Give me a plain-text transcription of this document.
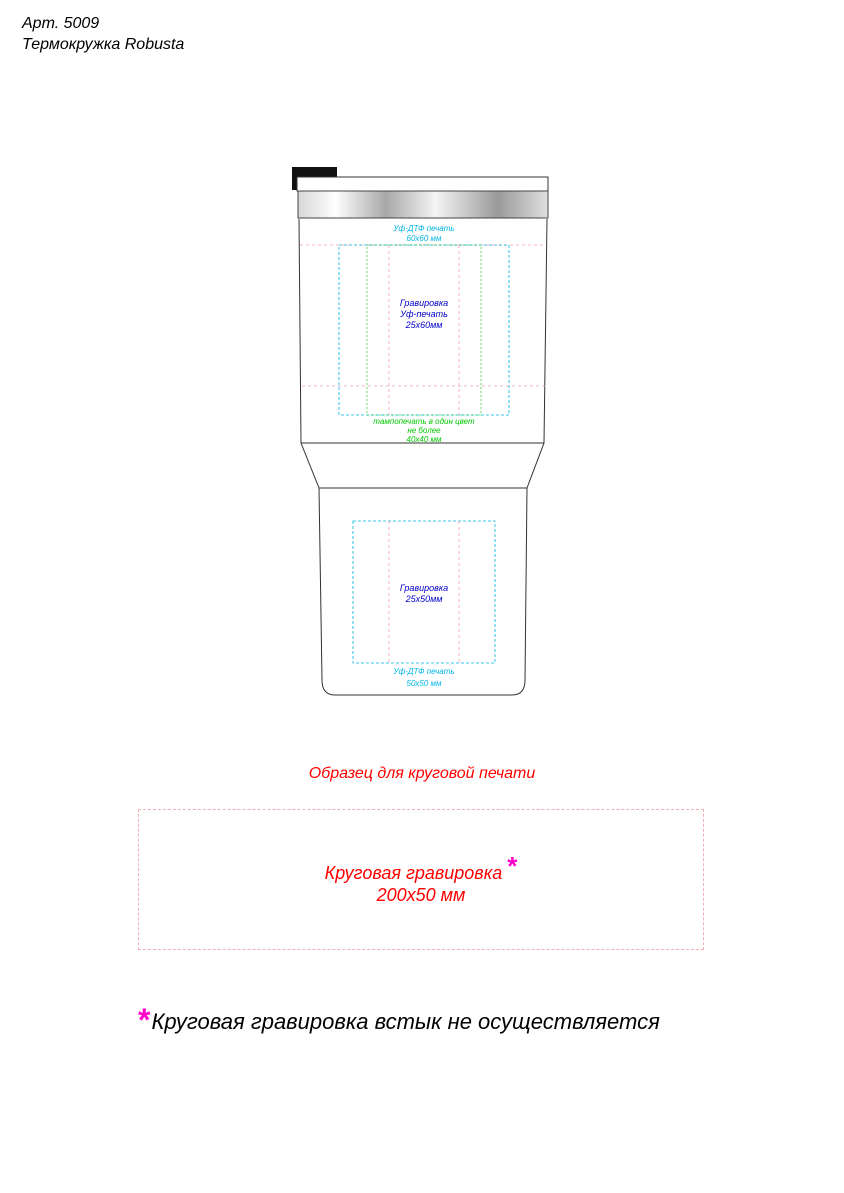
Арт. 5009
Термокружка Robusta
Уф-ДТФ печать
60х60 мм
Гравировка
Уф-печать
25х60мм
тампопечать в один цвет
не более
40х40 мм
Гравировка
25х50мм
Уф-ДТФ печать
50х50 мм
Образец для круговой печати
Круговая гравировка *
200х50 мм
*Круговая гравировка встык не осуществляется
